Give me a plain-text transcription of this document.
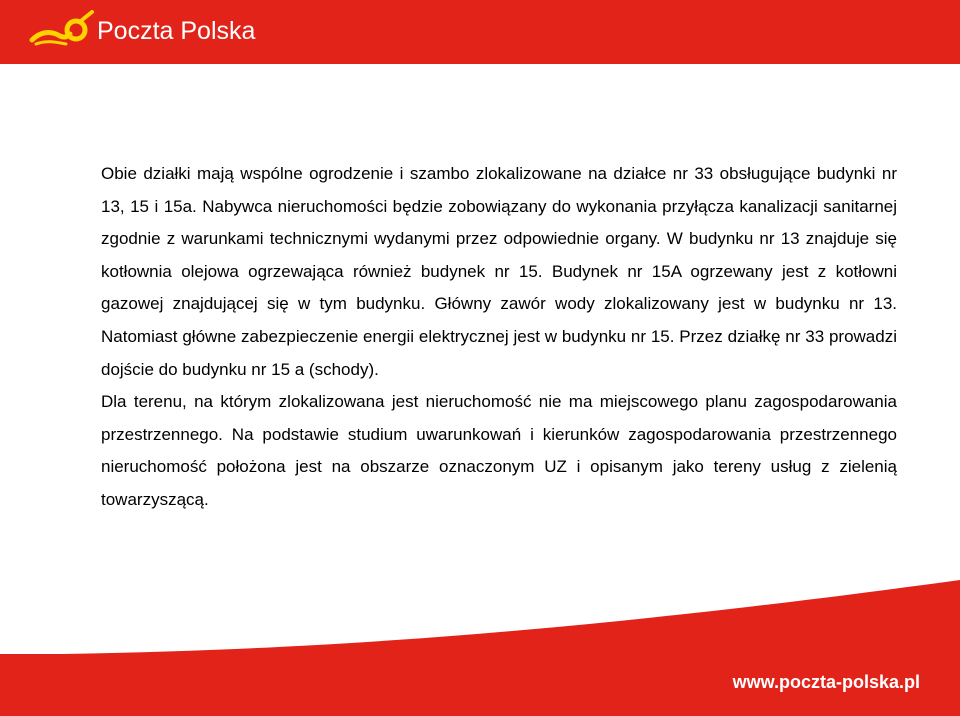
Poczta Polska

Obie działki mają wspólne ogrodzenie i szambo zlokalizowane na działce nr 33 obsługujące budynki nr 13, 15 i 15a. Nabywca nieruchomości będzie zobowiązany do wykonania przyłącza kanalizacji sanitarnej zgodnie z warunkami technicznymi wydanymi przez odpowiednie organy. W budynku nr 13 znajduje się kotłownia olejowa ogrzewająca również budynek nr 15. Budynek nr 15A ogrzewany jest z kotłowni gazowej znajdującej się w tym budynku. Główny zawór wody zlokalizowany jest w budynku nr 13. Natomiast główne zabezpieczenie energii elektrycznej jest w budynku nr 15. Przez działkę nr 33 prowadzi dojście do budynku nr 15 a (schody).

Dla terenu, na którym zlokalizowana jest nieruchomość nie ma miejscowego planu zagospodarowania przestrzennego. Na podstawie studium uwarunkowań i kierunków zagospodarowania przestrzennego nieruchomość położona jest na obszarze oznaczonym UZ i opisanym jako tereny usług z zielenią towarzyszącą.

www.poczta-polska.pl
